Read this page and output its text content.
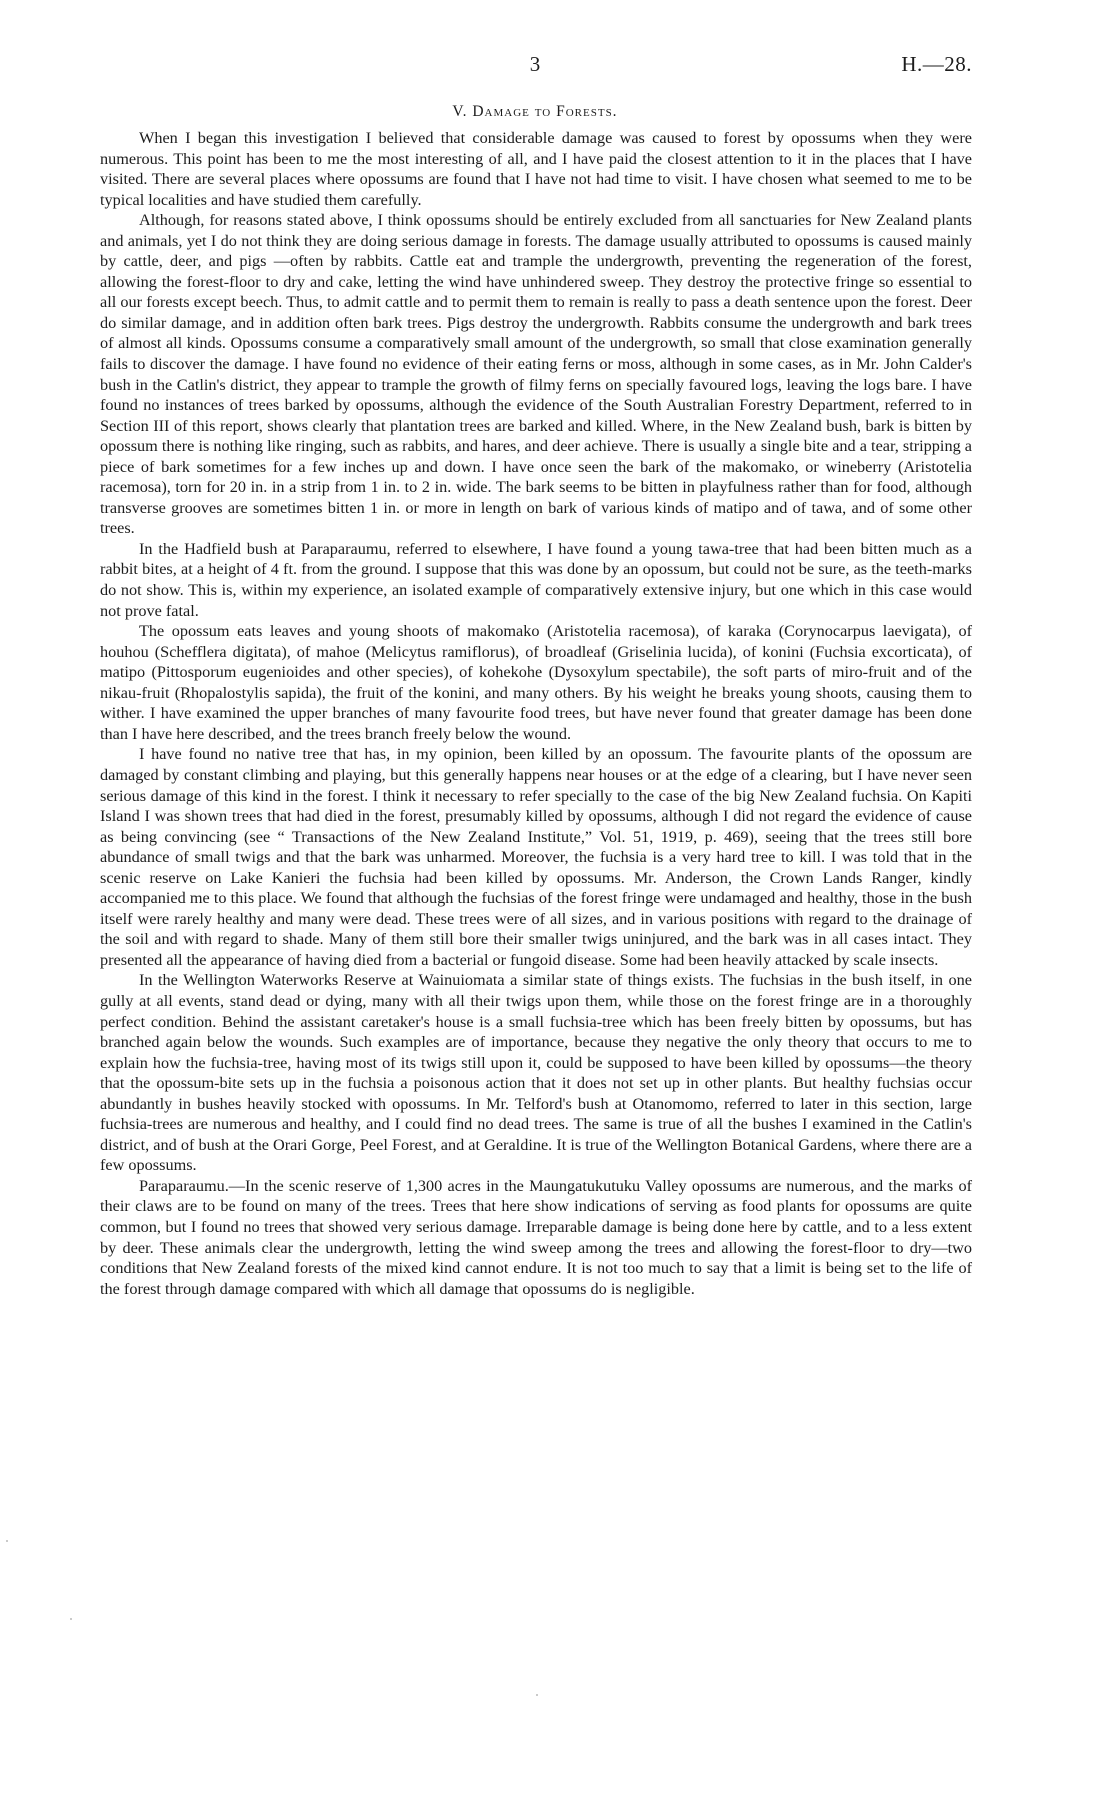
3	H.—28.
V. Damage to Forests.

When I began this investigation I believed that considerable damage was caused to forest by opossums when they were numerous. This point has been to me the most interesting of all, and I have paid the closest attention to it in the places that I have visited. There are several places where opossums are found that I have not had time to visit. I have chosen what seemed to me to be typical localities and have studied them carefully.

Although, for reasons stated above, I think opossums should be entirely excluded from all sanctuaries for New Zealand plants and animals, yet I do not think they are doing serious damage in forests. The damage usually attributed to opossums is caused mainly by cattle, deer, and pigs —often by rabbits. Cattle eat and trample the undergrowth, preventing the regeneration of the forest, allowing the forest-floor to dry and cake, letting the wind have unhindered sweep. They destroy the protective fringe so essential to all our forests except beech. Thus, to admit cattle and to permit them to remain is really to pass a death sentence upon the forest. Deer do similar damage, and in addition often bark trees. Pigs destroy the undergrowth. Rabbits consume the undergrowth and bark trees of almost all kinds. Opossums consume a comparatively small amount of the undergrowth, so small that close examination generally fails to discover the damage. I have found no evidence of their eating ferns or moss, although in some cases, as in Mr. John Calder's bush in the Catlin's district, they appear to trample the growth of filmy ferns on specially favoured logs, leaving the logs bare. I have found no instances of trees barked by opossums, although the evidence of the South Australian Forestry Department, referred to in Section III of this report, shows clearly that plantation trees are barked and killed. Where, in the New Zealand bush, bark is bitten by opossum there is nothing like ringing, such as rabbits, and hares, and deer achieve. There is usually a single bite and a tear, stripping a piece of bark sometimes for a few inches up and down. I have once seen the bark of the makomako, or wineberry (Aristotelia racemosa), torn for 20 in. in a strip from 1 in. to 2 in. wide. The bark seems to be bitten in playfulness rather than for food, although transverse grooves are sometimes bitten 1 in. or more in length on bark of various kinds of matipo and of tawa, and of some other trees.

In the Hadfield bush at Paraparaumu, referred to elsewhere, I have found a young tawa-tree that had been bitten much as a rabbit bites, at a height of 4 ft. from the ground. I suppose that this was done by an opossum, but could not be sure, as the teeth-marks do not show. This is, within my experience, an isolated example of comparatively extensive injury, but one which in this case would not prove fatal.

The opossum eats leaves and young shoots of makomako (Aristotelia racemosa), of karaka (Corynocarpus laevigata), of houhou (Schefflera digitata), of mahoe (Melicytus ramiflorus), of broadleaf (Griselinia lucida), of konini (Fuchsia excorticata), of matipo (Pittosporum eugenioides and other species), of kohekohe (Dysoxylum spectabile), the soft parts of miro-fruit and of the nikau-fruit (Rhopalostylis sapida), the fruit of the konini, and many others. By his weight he breaks young shoots, causing them to wither. I have examined the upper branches of many favourite food trees, but have never found that greater damage has been done than I have here described, and the trees branch freely below the wound.

I have found no native tree that has, in my opinion, been killed by an opossum. The favourite plants of the opossum are damaged by constant climbing and playing, but this generally happens near houses or at the edge of a clearing, but I have never seen serious damage of this kind in the forest. I think it necessary to refer specially to the case of the big New Zealand fuchsia. On Kapiti Island I was shown trees that had died in the forest, presumably killed by opossums, although I did not regard the evidence of cause as being convincing (see “ Transactions of the New Zealand Institute,” Vol. 51, 1919, p. 469), seeing that the trees still bore abundance of small twigs and that the bark was unharmed. Moreover, the fuchsia is a very hard tree to kill. I was told that in the scenic reserve on Lake Kanieri the fuchsia had been killed by opossums. Mr. Anderson, the Crown Lands Ranger, kindly accompanied me to this place. We found that although the fuchsias of the forest fringe were undamaged and healthy, those in the bush itself were rarely healthy and many were dead. These trees were of all sizes, and in various positions with regard to the drainage of the soil and with regard to shade. Many of them still bore their smaller twigs uninjured, and the bark was in all cases intact. They presented all the appearance of having died from a bacterial or fungoid disease. Some had been heavily attacked by scale insects.

In the Wellington Waterworks Reserve at Wainuiomata a similar state of things exists. The fuchsias in the bush itself, in one gully at all events, stand dead or dying, many with all their twigs upon them, while those on the forest fringe are in a thoroughly perfect condition. Behind the assistant caretaker's house is a small fuchsia-tree which has been freely bitten by opossums, but has branched again below the wounds. Such examples are of importance, because they negative the only theory that occurs to me to explain how the fuchsia-tree, having most of its twigs still upon it, could be supposed to have been killed by opossums—the theory that the opossum-bite sets up in the fuchsia a poisonous action that it does not set up in other plants. But healthy fuchsias occur abundantly in bushes heavily stocked with opossums. In Mr. Telford's bush at Otanomomo, referred to later in this section, large fuchsia-trees are numerous and healthy, and I could find no dead trees. The same is true of all the bushes I examined in the Catlin's district, and of bush at the Orari Gorge, Peel Forest, and at Geraldine. It is true of the Wellington Botanical Gardens, where there are a few opossums.

Paraparaumu.—In the scenic reserve of 1,300 acres in the Maungatukutuku Valley opossums are numerous, and the marks of their claws are to be found on many of the trees. Trees that here show indications of serving as food plants for opossums are quite common, but I found no trees that showed very serious damage. Irreparable damage is being done here by cattle, and to a less extent by deer. These animals clear the undergrowth, letting the wind sweep among the trees and allowing the forest-floor to dry—two conditions that New Zealand forests of the mixed kind cannot endure. It is not too much to say that a limit is being set to the life of the forest through damage compared with which all damage that opossums do is negligible.
